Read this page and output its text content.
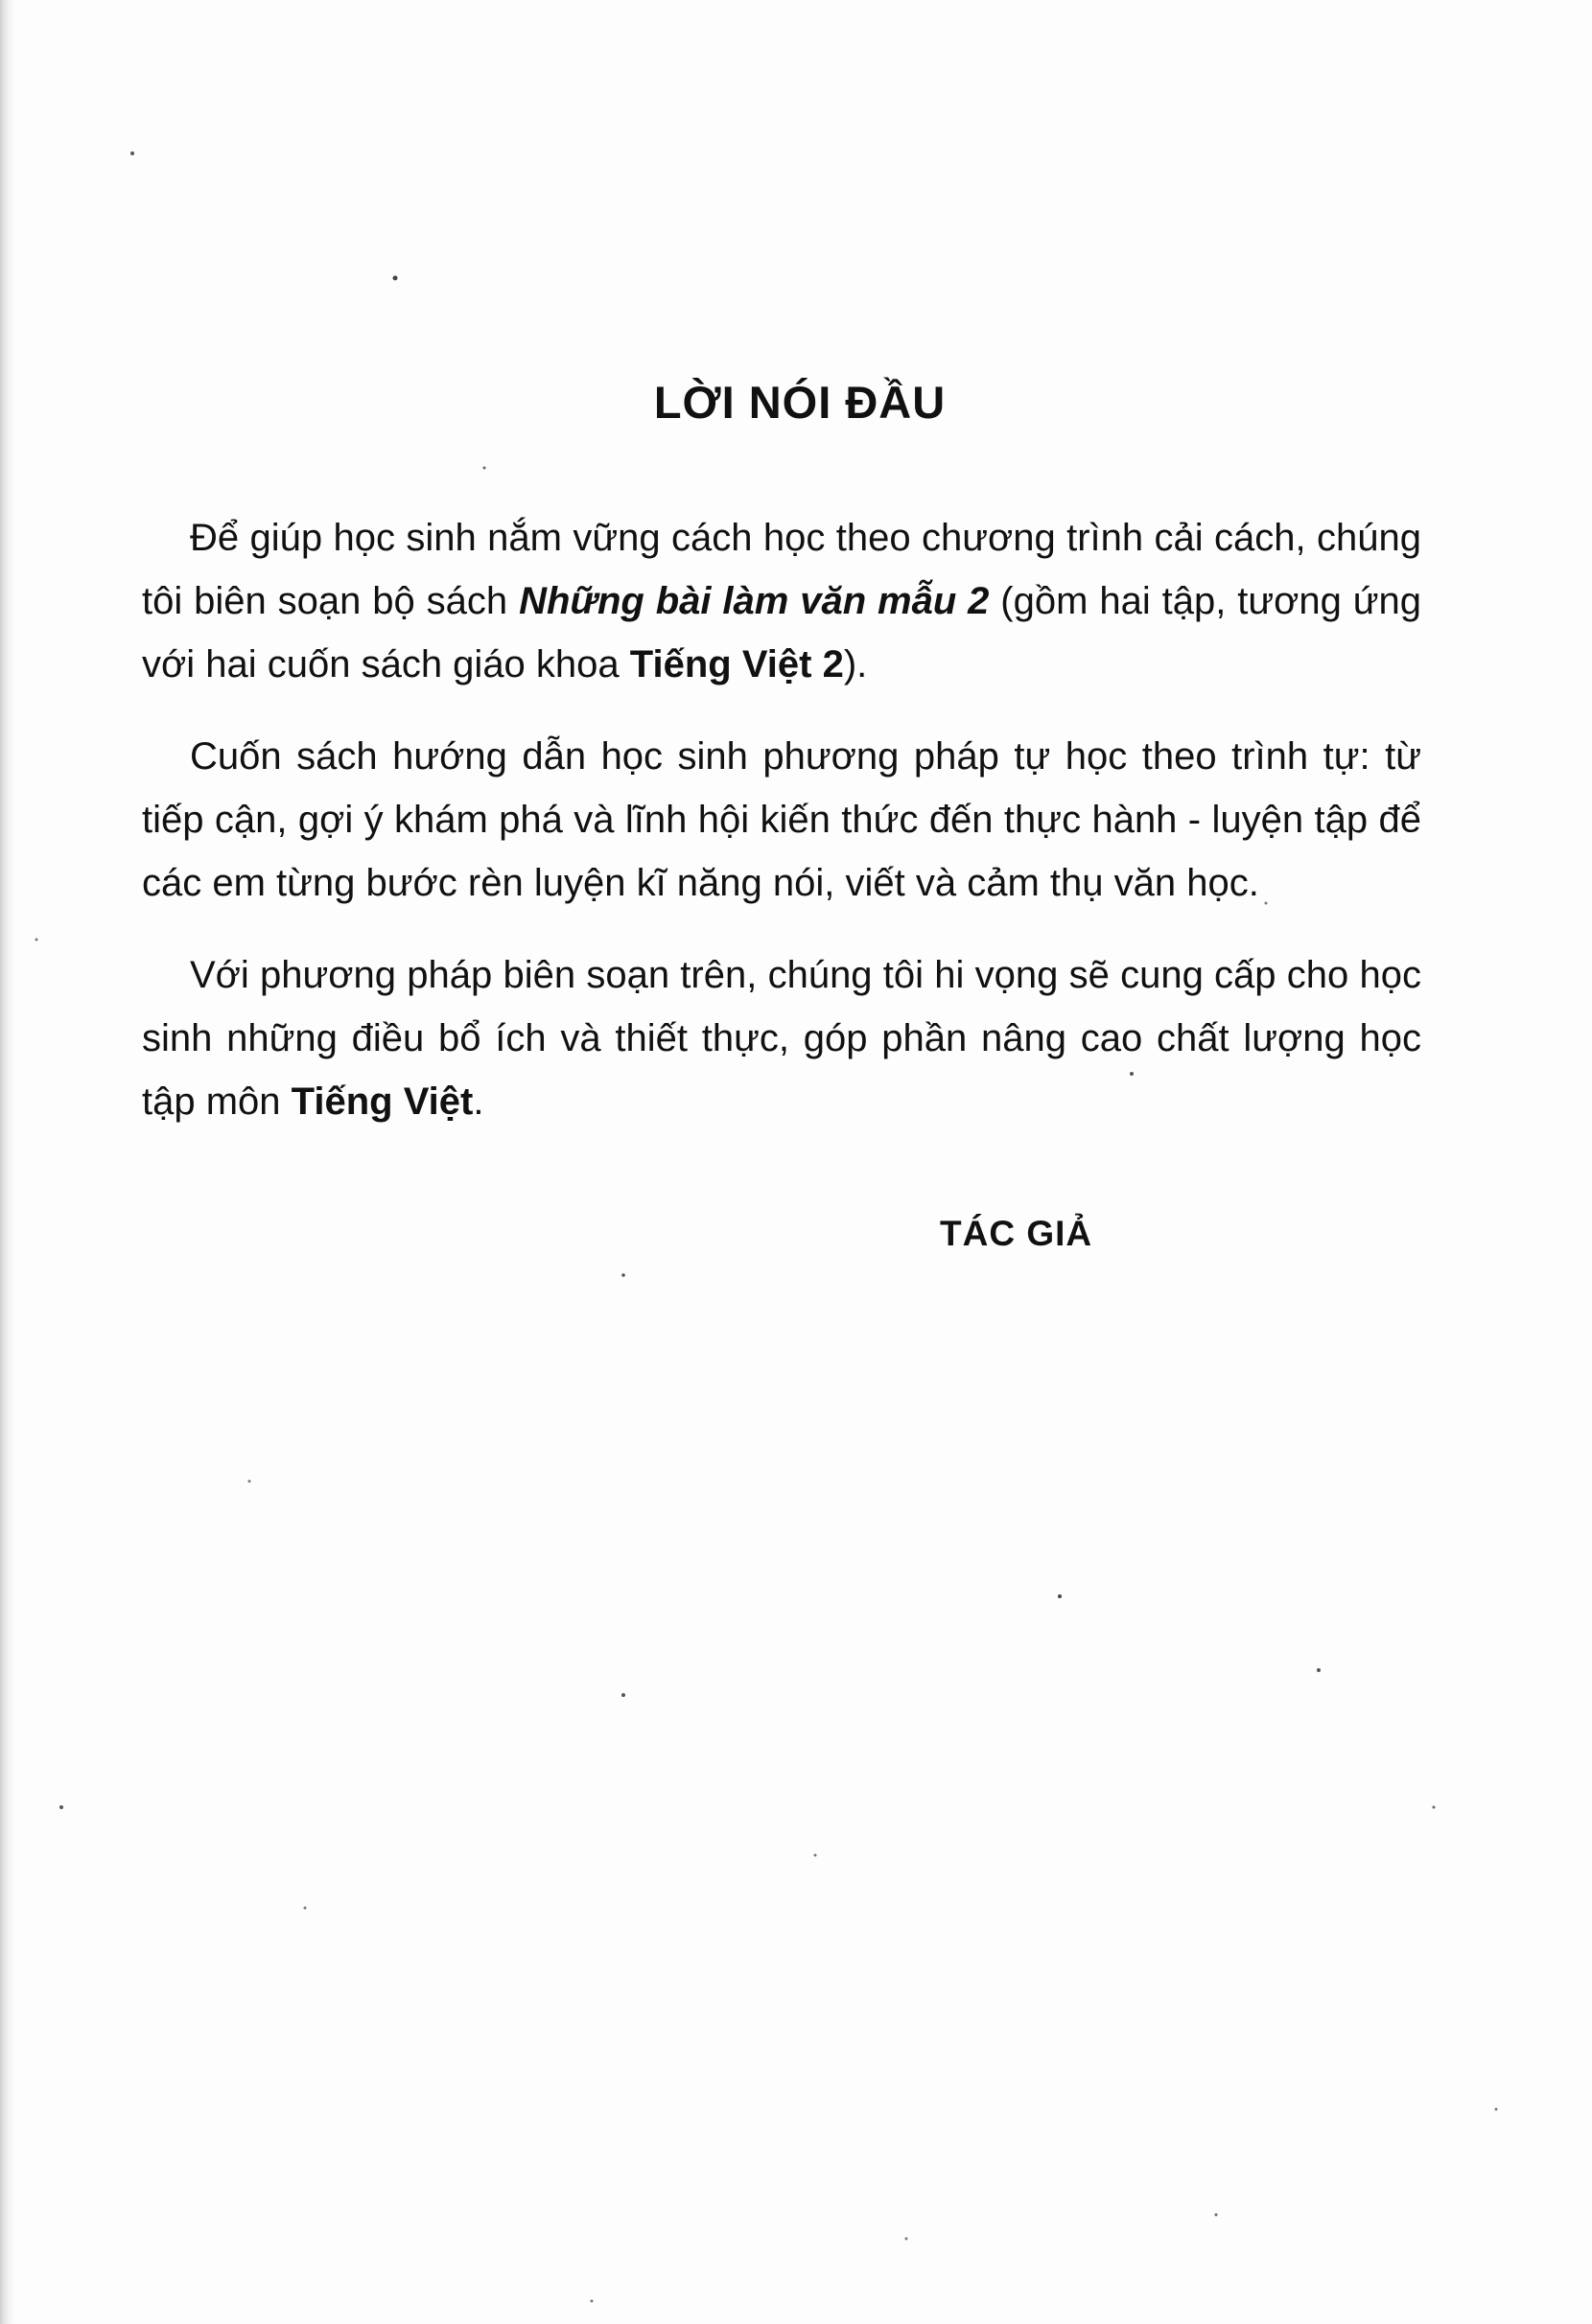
LỜI NÓI ĐẦU

Để giúp học sinh nắm vững cách học theo chương trình cải cách, chúng tôi biên soạn bộ sách Những bài làm văn mẫu 2 (gồm hai tập, tương ứng với hai cuốn sách giáo khoa Tiếng Việt 2).

Cuốn sách hướng dẫn học sinh phương pháp tự học theo trình tự: từ tiếp cận, gợi ý khám phá và lĩnh hội kiến thức đến thực hành - luyện tập để các em từng bước rèn luyện kĩ năng nói, viết và cảm thụ văn học.

Với phương pháp biên soạn trên, chúng tôi hi vọng sẽ cung cấp cho học sinh những điều bổ ích và thiết thực, góp phần nâng cao chất lượng học tập môn Tiếng Việt.

TÁC GIẢ
